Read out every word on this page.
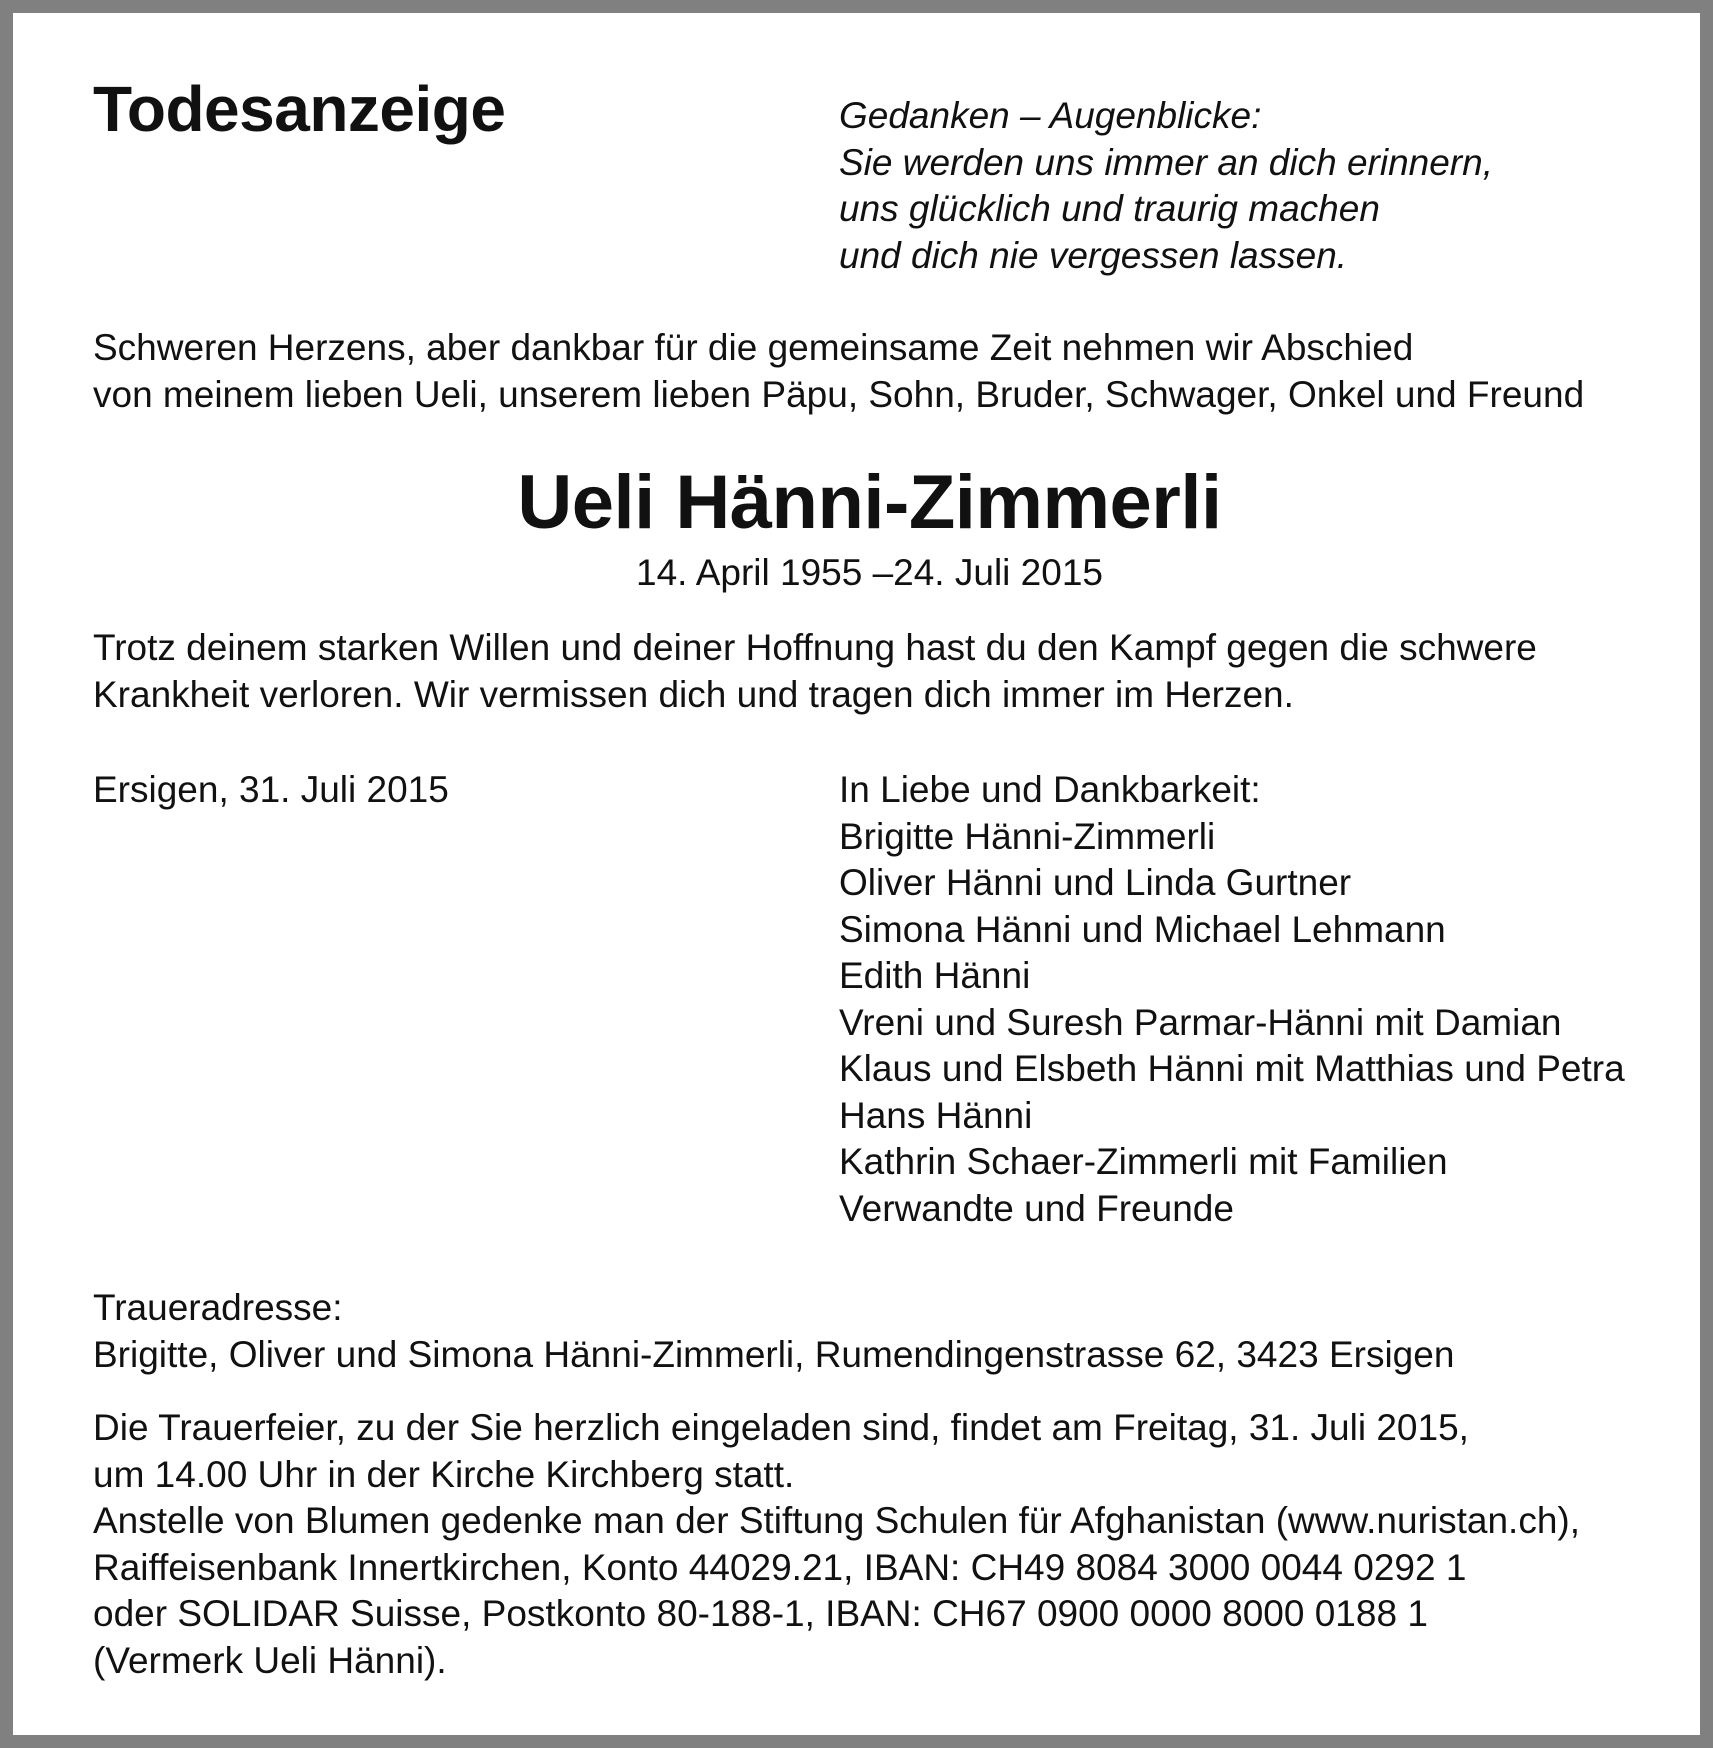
Todesanzeige	Gedanken – Augenblicke:
Sie werden uns immer an dich erinnern,
uns glücklich und traurig machen
und dich nie vergessen lassen.
Schweren Herzens, aber dankbar für die gemeinsame Zeit nehmen wir Abschied
von meinem lieben Ueli, unserem lieben Päpu, Sohn, Bruder, Schwager, Onkel und Freund
Ueli Hänni-Zimmerli
14. April 1955 –24. Juli 2015
Trotz deinem starken Willen und deiner Hoffnung hast du den Kampf gegen die schwere
Krankheit verloren. Wir vermissen dich und tragen dich immer im Herzen.
Ersigen, 31. Juli 2015	In Liebe und Dankbarkeit:
Brigitte Hänni-Zimmerli
Oliver Hänni und Linda Gurtner
Simona Hänni und Michael Lehmann
Edith Hänni
Vreni und Suresh Parmar-Hänni mit Damian
Klaus und Elsbeth Hänni mit Matthias und Petra
Hans Hänni
Kathrin Schaer-Zimmerli mit Familien
Verwandte und Freunde
Traueradresse:
Brigitte, Oliver und Simona Hänni-Zimmerli, Rumendingenstrasse 62, 3423 Ersigen
Die Trauerfeier, zu der Sie herzlich eingeladen sind, findet am Freitag, 31. Juli 2015,
um 14.00 Uhr in der Kirche Kirchberg statt.
Anstelle von Blumen gedenke man der Stiftung Schulen für Afghanistan (www.nuristan.ch),
Raiffeisenbank Innertkirchen, Konto 44029.21, IBAN: CH49 8084 3000 0044 0292 1
oder SOLIDAR Suisse, Postkonto 80-188-1, IBAN: CH67 0900 0000 8000 0188 1
(Vermerk Ueli Hänni).
